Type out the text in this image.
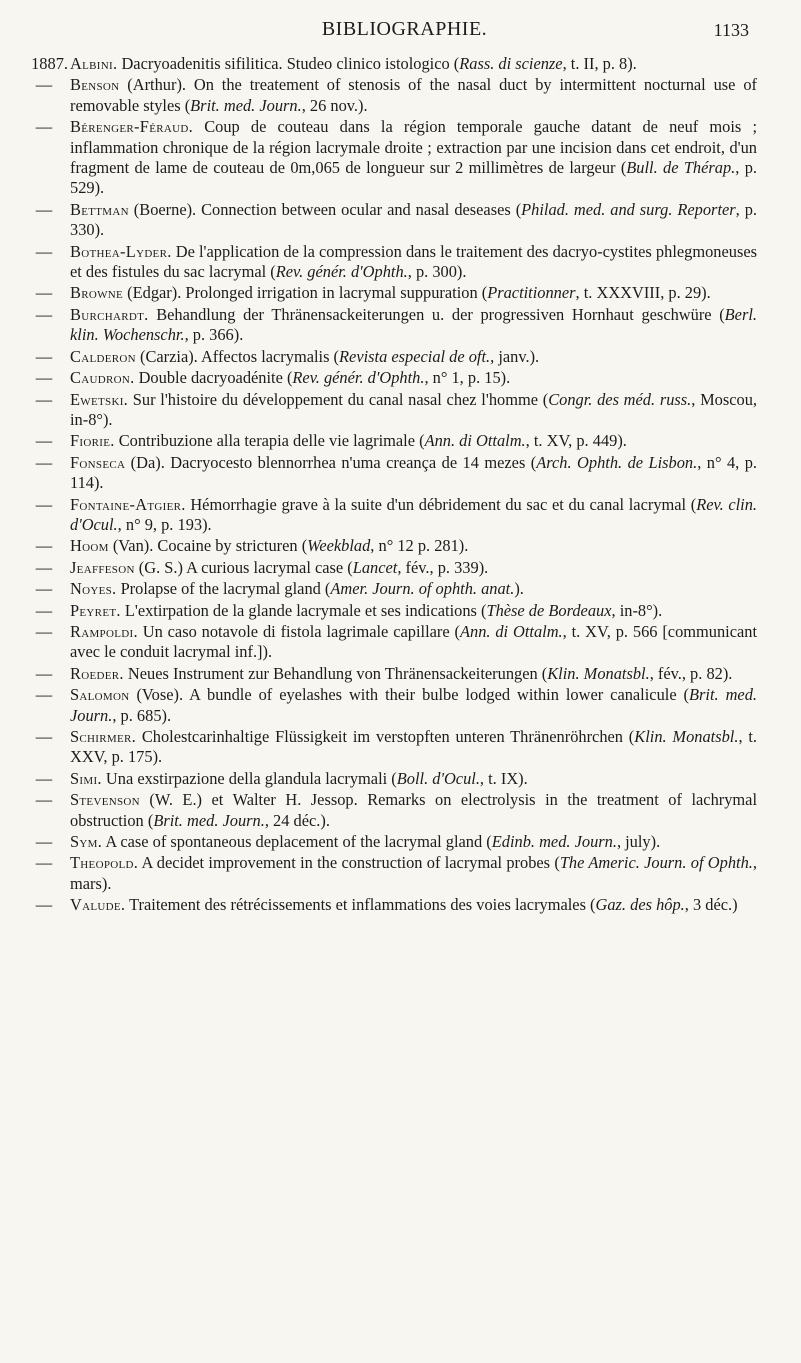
BIBLIOGRAPHIE.	1133

1887. Albini. Dacryoadenitis sifilitica. Studeo clinico istologico (Rass. di scienze, t. II, p. 8).

—	Benson (Arthur). On the treatement of stenosis of the nasal duct by intermittent nocturnal use of removable styles (Brit. med. Journ., 26 nov.).

—	Bérenger-Féraud. Coup de couteau dans la région temporale gauche datant de neuf mois ; inflammation chronique de la région lacrymale droite ; extraction par une incision dans cet endroit, d'un fragment de lame de couteau de 0m,065 de longueur sur 2 millimètres de largeur (Bull. de Thérap., p. 529).

—	Bettman (Boerne). Connection between ocular and nasal deseases (Philad. med. and surg. Reporter, p. 330).

—	Bothea-Lyder. De l'application de la compression dans le traitement des dacryo-cystites phlegmoneuses et des fistules du sac lacrymal (Rev. génér. d'Ophth., p. 300).

—	Browne (Edgar). Prolonged irrigation in lacrymal suppuration (Practitionner, t. XXXVIII, p. 29).

—	Burchardt. Behandlung der Thränensackeiterungen u. der progressiven Hornhaut geschwüre (Berl. klin. Wochenschr., p. 366).

—	Calderon (Carzia). Affectos lacrymalis (Revista especial de oft., janv.).

—	Caudron. Double dacryoadénite (Rev. génér. d'Ophth., n° 1, p. 15).

—	Ewetski. Sur l'histoire du développement du canal nasal chez l'homme (Congr. des méd. russ., Moscou, in-8°).

—	Fiorie. Contribuzione alla terapia delle vie lagrimale (Ann. di Ottalm., t. XV, p. 449).

—	Fonseca (Da). Dacryocesto blennorrhea n'uma creança de 14 mezes (Arch. Ophth. de Lisbon., n° 4, p. 114).

—	Fontaine-Atgier. Hémorrhagie grave à la suite d'un débridement du sac et du canal lacrymal (Rev. clin. d'Ocul., n° 9, p. 193).

—	Hoom (Van). Cocaine by stricturen (Weekblad, n° 12 p. 281).

—	Jeaffeson (G. S.) A curious lacrymal case (Lancet, fév., p. 339).

—	Noyes. Prolapse of the lacrymal gland (Amer. Journ. of ophth. anat.).

—	Peyret. L'extirpation de la glande lacrymale et ses indications (Thèse de Bordeaux, in-8°).

—	Rampoldi. Un caso notavole di fistola lagrimale capillare (Ann. di Ottalm., t. XV, p. 566 [communicant avec le conduit lacrymal inf.]).

—	Roeder. Neues Instrument zur Behandlung von Thränensackeiterungen (Klin. Monatsbl., fév., p. 82).

—	Salomon (Vose). A bundle of eyelashes with their bulbe lodged within lower canalicule (Brit. med. Journ., p. 685).

—	Schirmer. Cholestcarinhaltige Flüssigkeit im verstopften unteren Thränenröhrchen (Klin. Monatsbl., t. XXV, p. 175).

—	Simi. Una exstirpazione della glandula lacrymali (Boll. d'Ocul., t. IX).

—	Stevenson (W. E.) et Walter H. Jessop. Remarks on electrolysis in the treatment of lachrymal obstruction (Brit. med. Journ., 24 déc.).

—	Sym. A case of spontaneous deplacement of the lacrymal gland (Edinb. med. Journ., july).

—	Theopold. A decidet improvement in the construction of lacrymal probes (The Americ. Journ. of Ophth., mars).

—	Valude. Traitement des rétrécissements et inflammations des voies lacrymales (Gaz. des hôp., 3 déc.)
